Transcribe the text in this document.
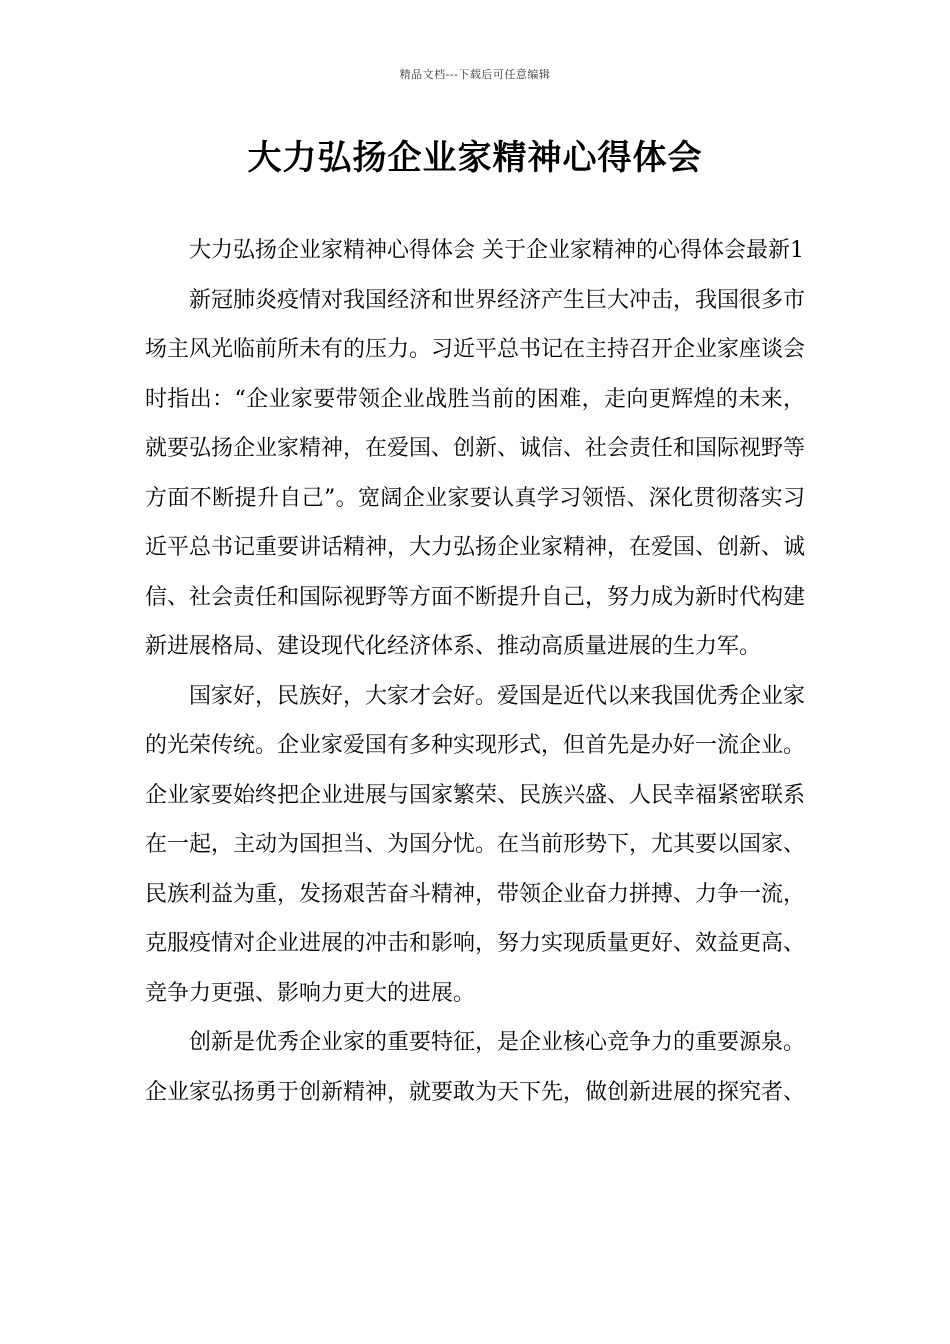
精品文档---下载后可任意编辑
大力弘扬企业家精神心得体会

大力弘扬企业家精神心得体会 关于企业家精神的心得体会最新1

新冠肺炎疫情对我国经济和世界经济产生巨大冲击，我国很多市场主风光临前所未有的压力。习近平总书记在主持召开企业家座谈会时指出：“企业家要带领企业战胜当前的困难，走向更辉煌的未来，就要弘扬企业家精神，在爱国、创新、诚信、社会责任和国际视野等方面不断提升自己”。宽阔企业家要认真学习领悟、深化贯彻落实习近平总书记重要讲话精神，大力弘扬企业家精神，在爱国、创新、诚信、社会责任和国际视野等方面不断提升自己，努力成为新时代构建新进展格局、建设现代化经济体系、推动高质量进展的生力军。

国家好，民族好，大家才会好。爱国是近代以来我国优秀企业家的光荣传统。企业家爱国有多种实现形式，但首先是办好一流企业。企业家要始终把企业进展与国家繁荣、民族兴盛、人民幸福紧密联系在一起，主动为国担当、为国分忧。在当前形势下，尤其要以国家、民族利益为重，发扬艰苦奋斗精神，带领企业奋力拼搏、力争一流，克服疫情对企业进展的冲击和影响，努力实现质量更好、效益更高、竞争力更强、影响力更大的进展。

创新是优秀企业家的重要特征，是企业核心竞争力的重要源泉。企业家弘扬勇于创新精神，就要敢为天下先，做创新进展的探究者、
